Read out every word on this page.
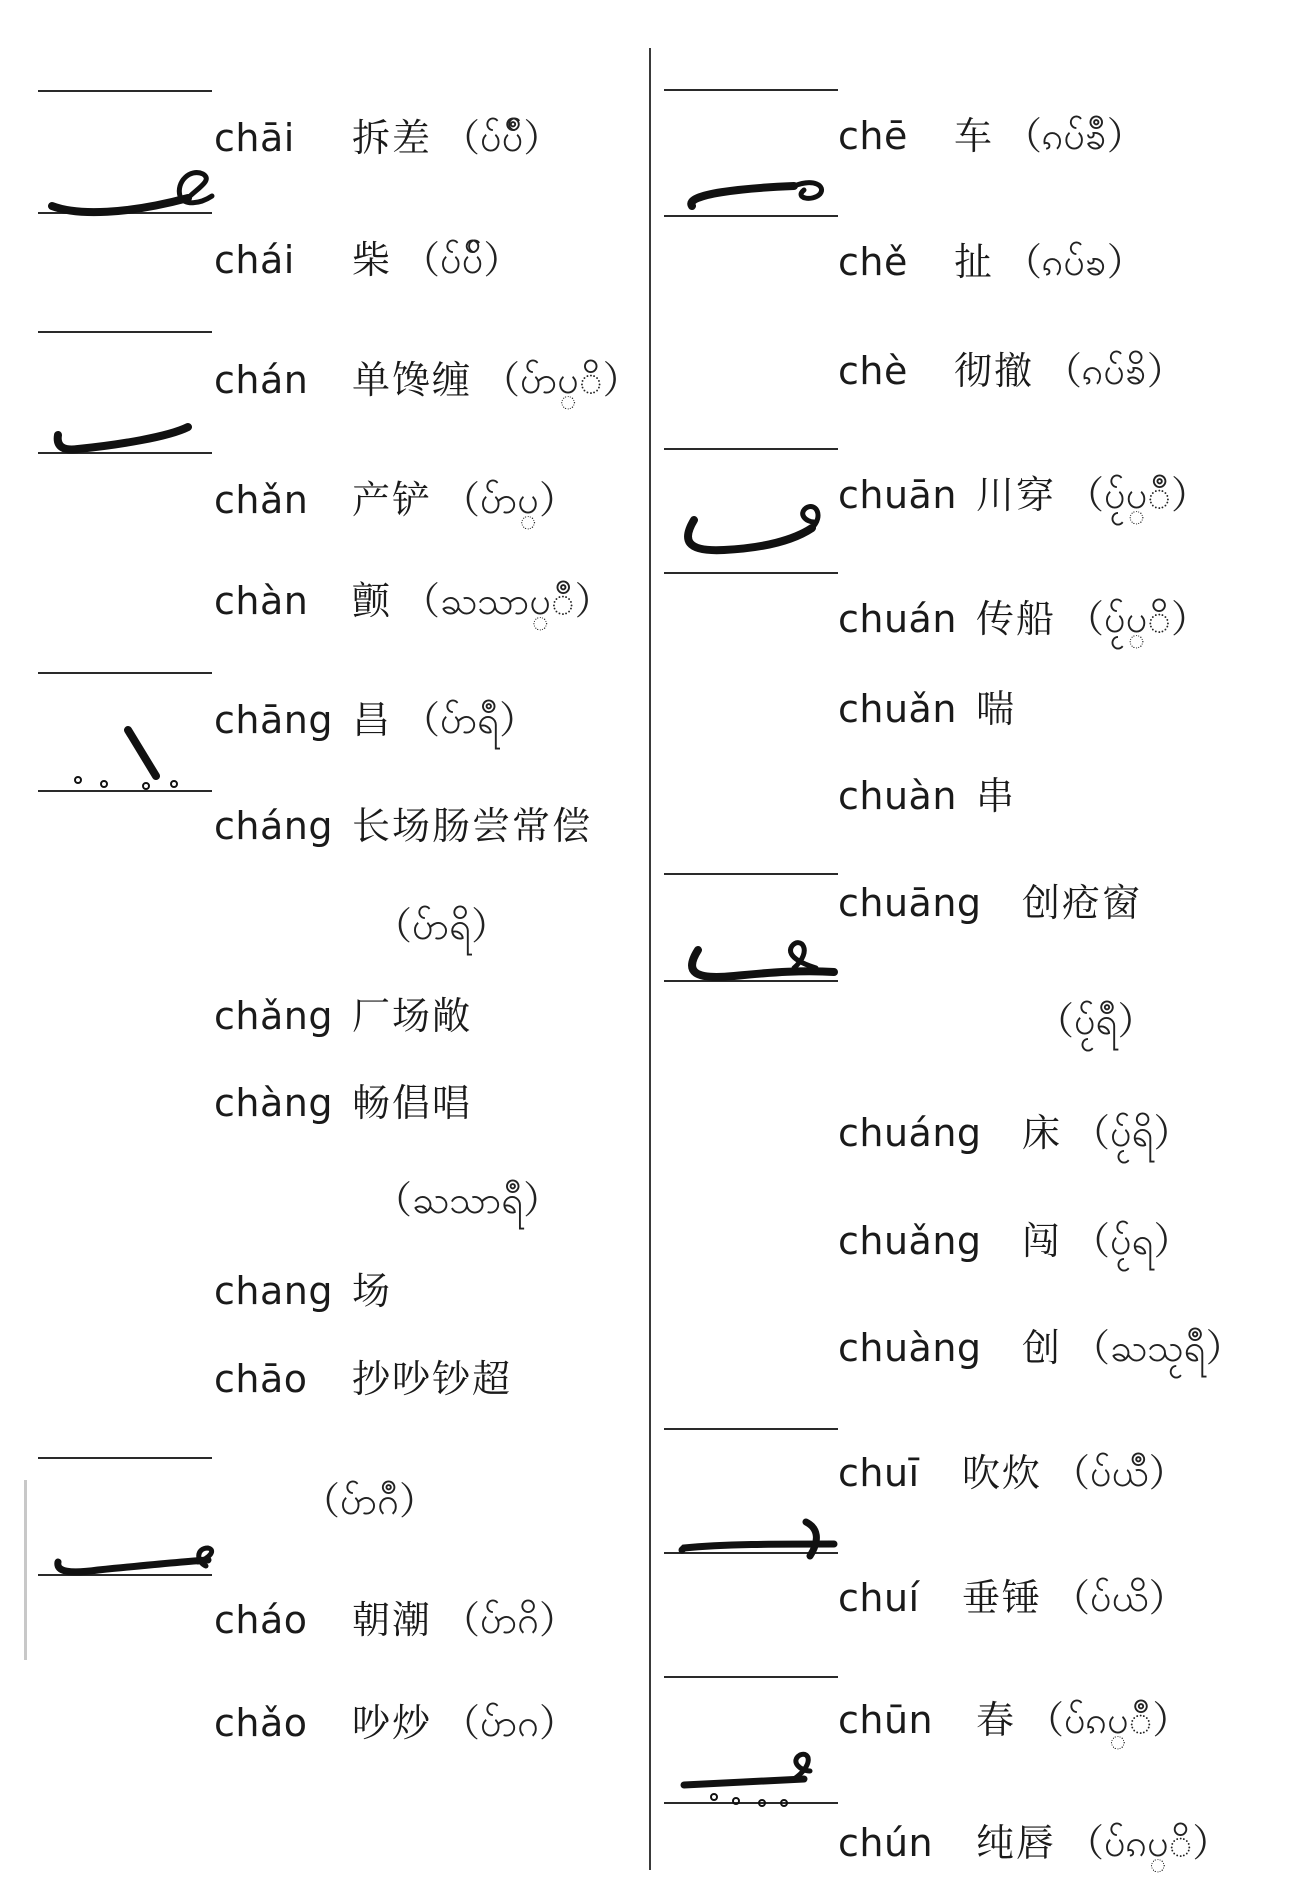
chāi 拆差 （ပ်ပ်ဳ）
chái 柴 （ပ်ပ်ိ）
chán 单馋缠 （ပ်ာပ္ိ）
chǎn 产铲 （ပ်ာပ္）
chàn 颤 （ႀသာပ္ဳ）
chāng 昌 （ပ်ာရဳ）
cháng 长场肠尝常偿
（ပ်ာရိ）
chǎng 厂场敞
chàng 畅倡唱
（ႀသာရဳ）
chang 场
chāo 抄吵钞超
（ပ်ာဂဳ）
cháo 朝潮 （ပ်ာဂိ）
chǎo 吵炒 （ပ်ာဂ）
chē 车 （ၵပ်ၶဳ）
chě 扯 （ၵပ်ၶ）
chè 彻撤 （ၵပ်ၶိ）
chuān 川穿 （ပ်ႂပ္ဳ）
chuán 传船 （ပ်ႂပ္ိ）
chuǎn 喘
chuàn 串
chuāng 创疮窗
（ပ်ႂရဳ）
chuáng 床 （ပ်ႂရိ）
chuǎng 闯 （ပ်ႂရ）
chuàng 创 （ႀသႂရဳ）
chuī 吹炊 （ပ်ယဳ）
chuí 垂锤 （ပ်ယိ）
chūn 春 （ပ်ၵပ္ဳ）
chún 纯唇 （ပ်ၵပ္ိ）
